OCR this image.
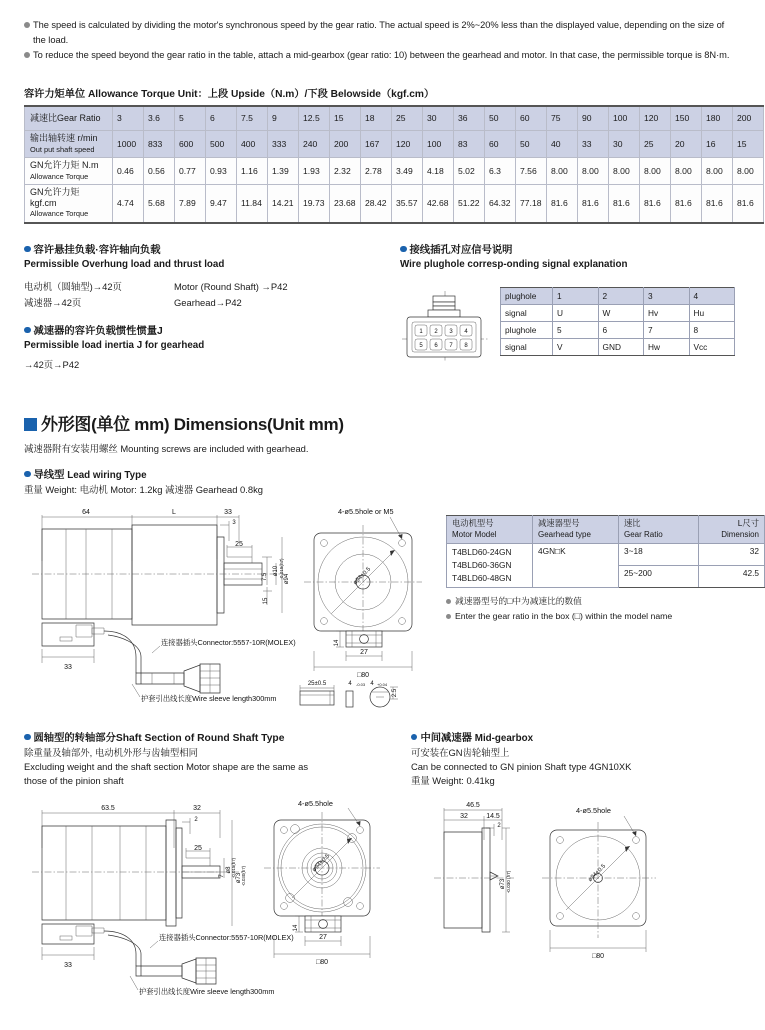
The speed is calculated by dividing the motor's synchronous speed by the gear ratio. The actual speed is 2%~20% less than the displayed value, depending on the size of the load.
To reduce the speed beyond the gear ratio in the table, attach a mid-gearbox (gear ratio: 10) between the gearhead and motor. In that case, the permissible torque is 8N·m.
容许力矩单位 Allowance Torque Unit：上段 Upside（N.m）/下段 Belowside（kgf.cm）
减速比Gear Ratio	3	3.6	5	6	7.5	9	12.5	15	18	25	30	36	50	60	75	90	100	120	150	180	200
输出轴转速 r/min
Out put shaft speed	1000	833	600	500	400	333	240	200	167	120	100	83	60	50	40	33	30	25	20	16	15
GN允许力矩 N.m
Allowance Torque	0.46	0.56	0.77	0.93	1.16	1.39	1.93	2.32	2.78	3.49	4.18	5.02	6.3	7.56	8.00	8.00	8.00	8.00	8.00	8.00	8.00
GN允许力矩 kgf.cm
Allowance Torque	4.74	5.68	7.89	9.47	11.84	14.21	19.73	23.68	28.42	35.57	42.68	51.22	64.32	77.18	81.6	81.6	81.6	81.6	81.6	81.6	81.6
容许悬挂负载·容许轴向负载
Permissible Overhung load and thrust load
电动机（圆轴型)→42页	Motor (Round Shaft) →P42
减速器→42页	Gearhead→P42
减速器的容许负载惯性惯量J
Permissible load inertia J for gearhead
→42页→P42
接线插孔对应信号说明
Wire plughole corresp-onding signal explanation
1 2 3 4
5 6 7 8
plughole	1	2	3	4
signal	U	W	Hv	Hu
plughole	5	6	7	8
signal	V	GND	Hw	Vcc
外形图(单位 mm) Dimensions(Unit mm)
减速器附有安装用螺丝 Mounting screws are included with gearhead.
导线型 Lead wiring Type
重量 Weight: 电动机 Motor: 1.2kg 减速器 Gearhead 0.8kg
64	L	33
3
25
7.5
ø10 -0.015(h7)
15
ø94
33
连接器插头Connector:5557-10R(MOLEX)
护套引出线长度Wire sleeve length300mm
ø94±0.5
4-ø5.5hole or M5
14
27
□80
25±0.5	4 -0.03 4 +0.04
2.5
电动机型号
Motor Model	减速器型号
Gearhead type	速比
Gear Ratio	L尺寸
Dimension
T4BLD60-24GN
T4BLD60-36GN
T4BLD60-48GN	4GN□K	3~18	32
		25~200	42.5
减速器型号的□中为减速比的数值
Enter the gear ratio in the box (□) within the model name
圆轴型的转轴部分Shaft Section of Round Shaft Type
除重量及轴部外, 电动机外形与齿轴型相同
Excluding weight and the shaft section Motor shape are the same as
those of the pinion shaft
中间减速器 Mid-gearbox
可安装在GN齿轮轴型上
Can be connected to GN pinion Shaft type 4GN10XK
重量 Weight: 0.41kg
63.5	32
2
25
7
ø8 -0.015(h7) ø73 -0.030(h7)
33
连接器插头Connector:5557-10R(MOLEX)
护套引出线长度Wire sleeve length300mm
ø94±0.5
4-ø5.5hole
14
27
□80
46.5
32	14.5
2
ø73 -0.030 (h7)	ø94±0.5
4-ø5.5hole
□80
